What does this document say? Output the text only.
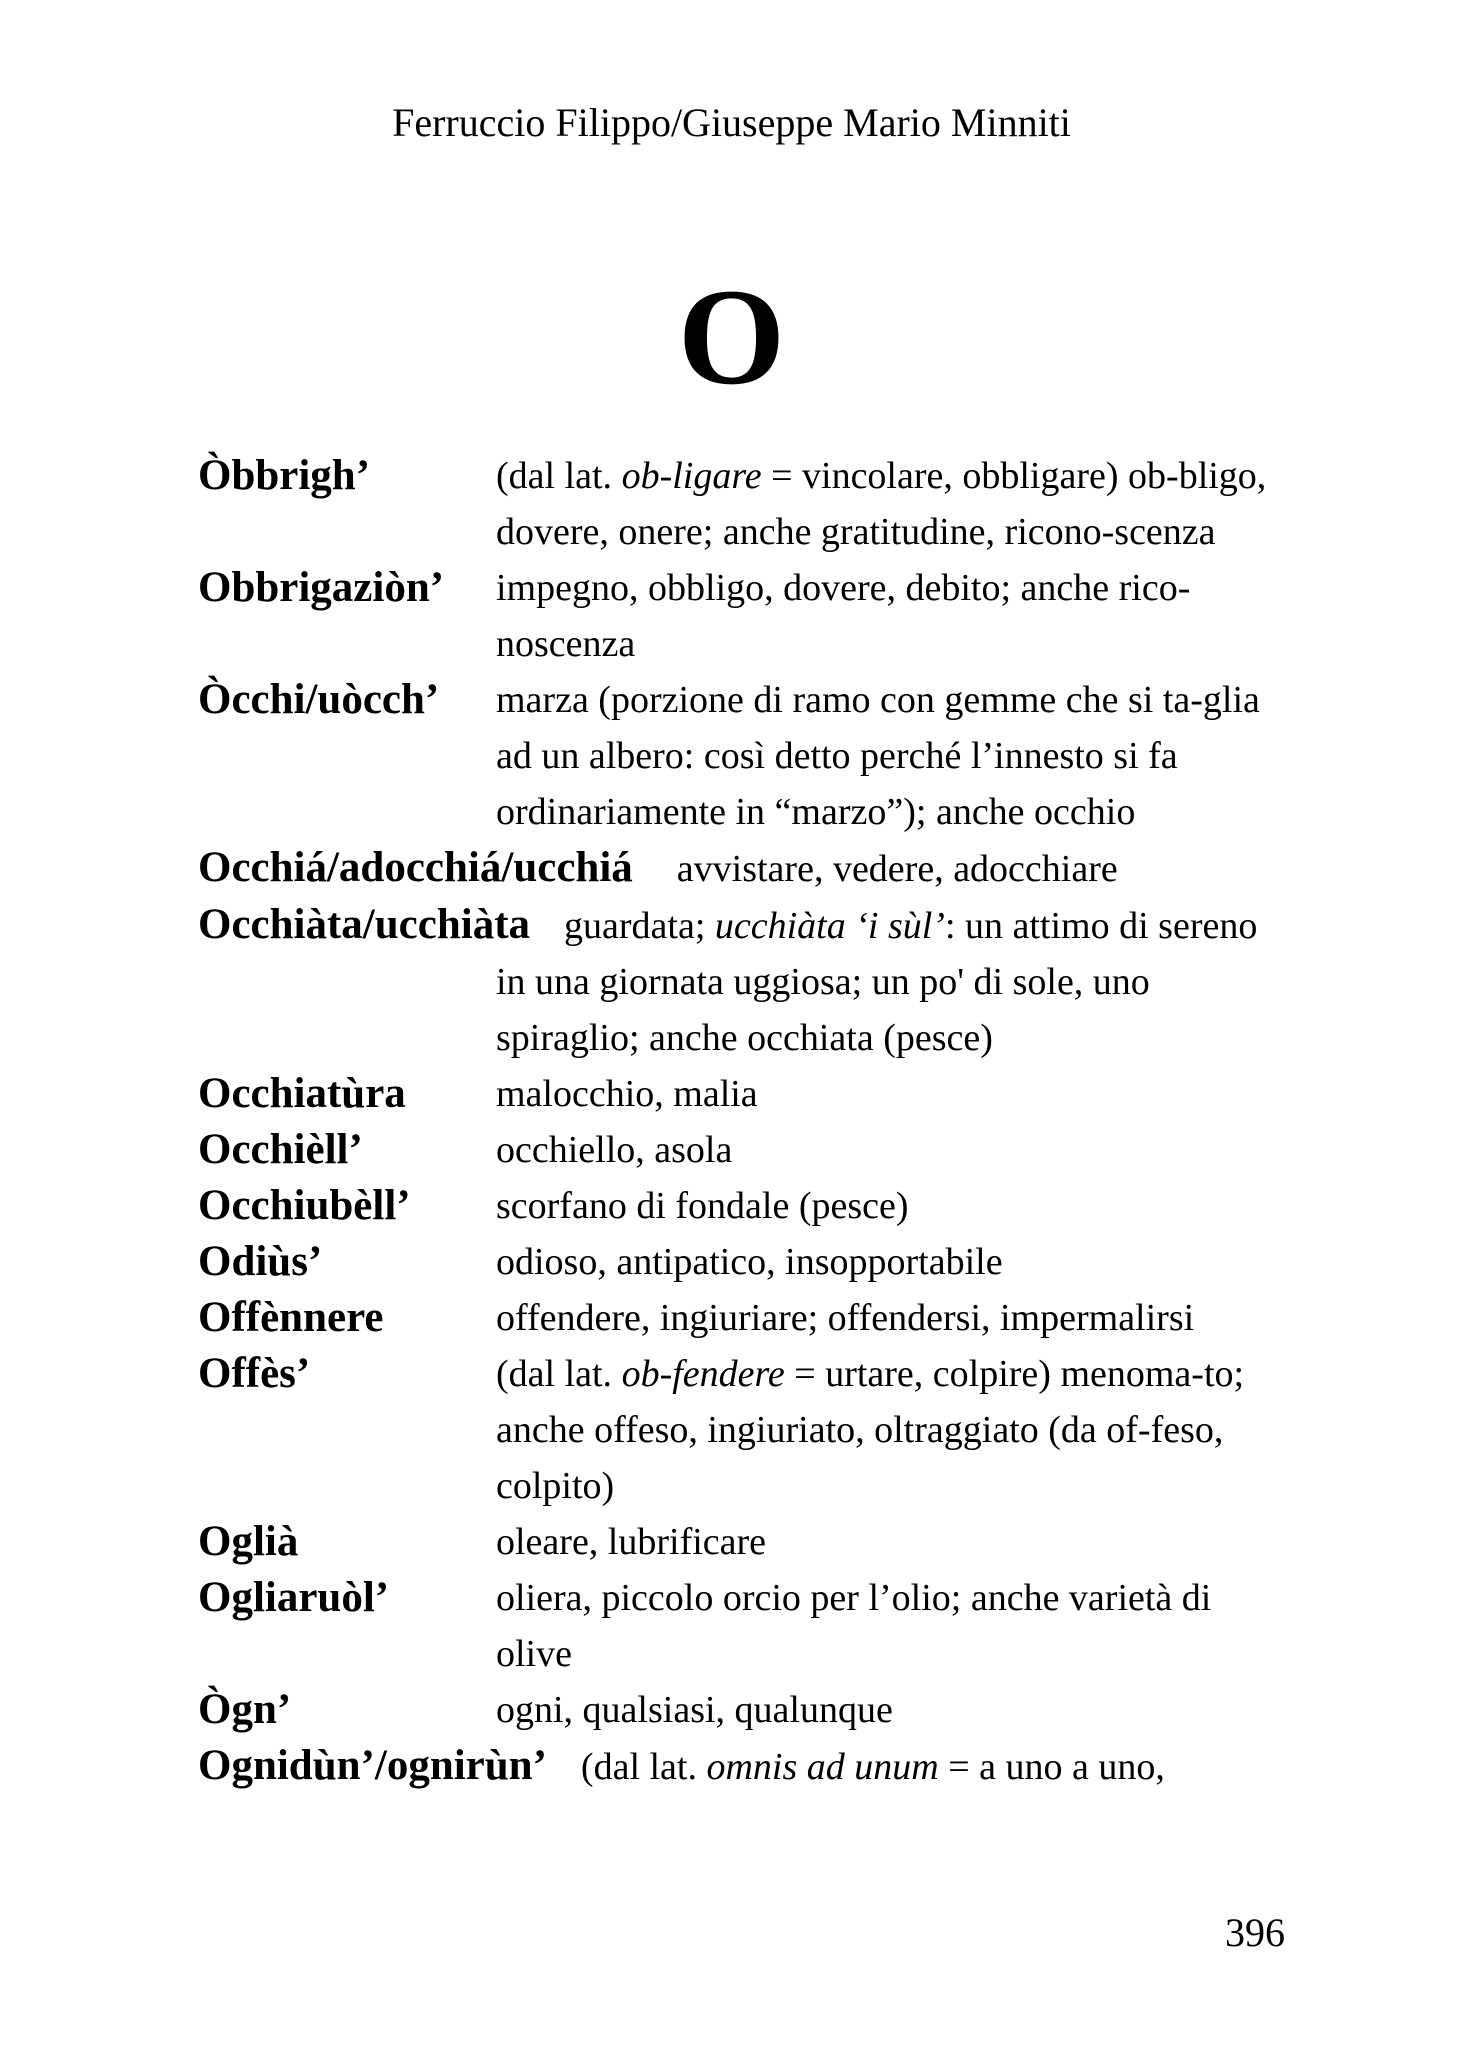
Ferruccio Filippo/Giuseppe Mario Minniti
O
Òbbrigh’	(dal lat. ob-ligare = vincolare, obbligare) ob-bligo, dovere, onere; anche gratitudine, ricono-scenza
Obbrigaziòn’ impegno, obbligo, dovere, debito; anche rico-noscenza
Òcchi/uòcch’ marza (porzione di ramo con gemme che si ta-glia ad un albero: così detto perché l’innesto si fa ordinariamente in “marzo”); anche occhio
Occhiá/adocchiá/ucchiá avvistare, vedere, adocchiare
Occhiàta/ucchiàta guardata; ucchiàta ‘i sùl’: un attimo di sereno in una giornata uggiosa; un po' di sole, uno spiraglio; anche occhiata (pesce)
Occhiatùra malocchio, malia
Occhièll’	occhiello, asola
Occhiubèll’ scorfano di fondale (pesce)
Odiùs’	odioso, antipatico, insopportabile
Offènnere	offendere, ingiuriare; offendersi, impermalirsi
Offès’	(dal lat. ob-fendere = urtare, colpire) menoma-to; anche offeso, ingiuriato, oltraggiato (da of-feso, colpito)
Oglià	oleare, lubrificare
Ogliaruòl’	oliera, piccolo orcio per l’olio; anche varietà di olive
Ògn’	ogni, qualsiasi, qualunque
Ognidùn’/ognirùn’ (dal lat. omnis ad unum = a uno a uno,
396
